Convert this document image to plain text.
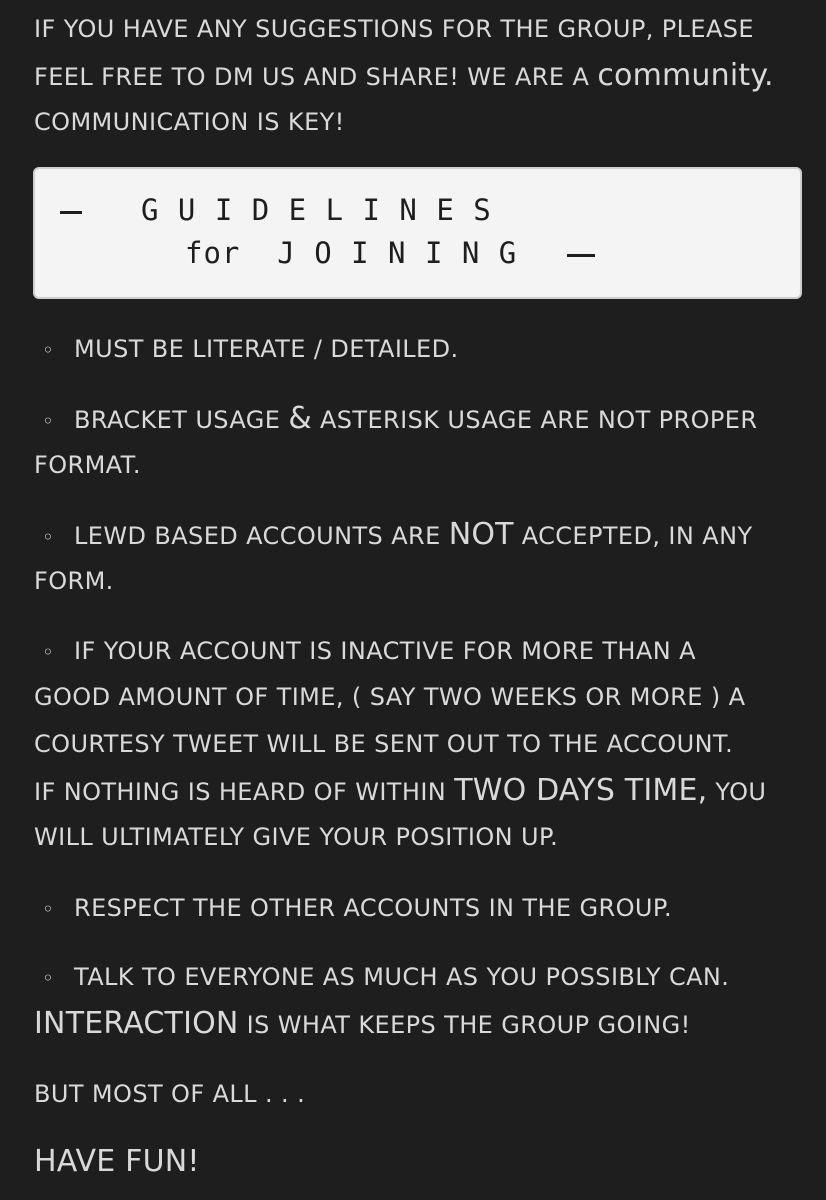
IF YOU HAVE ANY SUGGESTIONS FOR THE GROUP, PLEASE
FEEL FREE TO DM US AND SHARE! WE ARE A community.
COMMUNICATION IS KEY!
G U I D E L I N E S
for  J O I N I N G
◦ MUST BE LITERATE / DETAILED.
◦ BRACKET USAGE & ASTERISK USAGE ARE NOT PROPER
FORMAT.
◦ LEWD BASED ACCOUNTS ARE NOT ACCEPTED, IN ANY
FORM.
◦ IF YOUR ACCOUNT IS INACTIVE FOR MORE THAN A
GOOD AMOUNT OF TIME, ( SAY TWO WEEKS OR MORE ) A
COURTESY TWEET WILL BE SENT OUT TO THE ACCOUNT.
IF NOTHING IS HEARD OF WITHIN TWO DAYS TIME, YOU
WILL ULTIMATELY GIVE YOUR POSITION UP.
◦ RESPECT THE OTHER ACCOUNTS IN THE GROUP.
◦ TALK TO EVERYONE AS MUCH AS YOU POSSIBLY CAN.
INTERACTION IS WHAT KEEPS THE GROUP GOING!
BUT MOST OF ALL . . .
HAVE FUN!
